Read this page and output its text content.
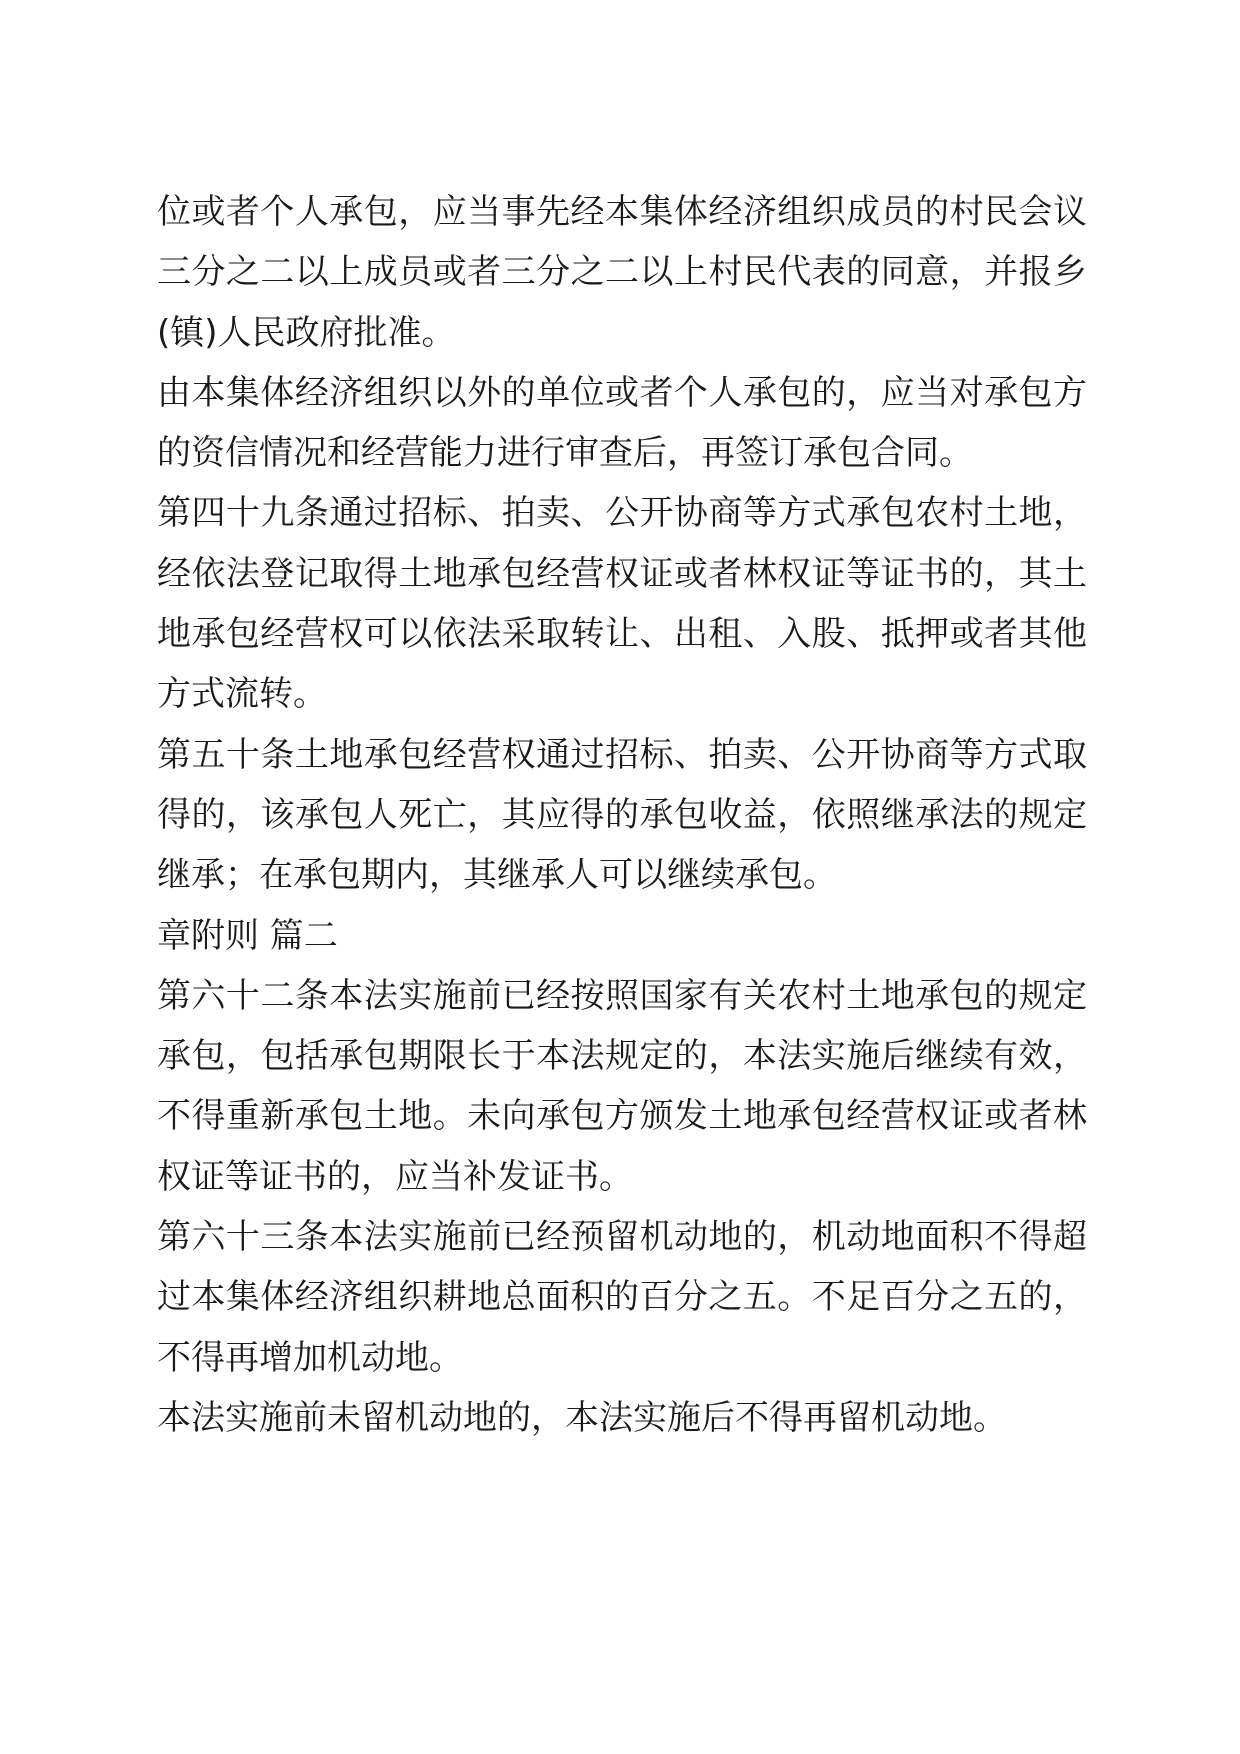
位或者个人承包，应当事先经本集体经济组织成员的村民会议
三分之二以上成员或者三分之二以上村民代表的同意，并报乡
(镇)人民政府批准。
由本集体经济组织以外的单位或者个人承包的，应当对承包方
的资信情况和经营能力进行审查后，再签订承包合同。
第四十九条通过招标、拍卖、公开协商等方式承包农村土地，
经依法登记取得土地承包经营权证或者林权证等证书的，其土
地承包经营权可以依法采取转让、出租、入股、抵押或者其他
方式流转。
第五十条土地承包经营权通过招标、拍卖、公开协商等方式取
得的，该承包人死亡，其应得的承包收益，依照继承法的规定
继承；在承包期内，其继承人可以继续承包。
章附则 篇二
第六十二条本法实施前已经按照国家有关农村土地承包的规定
承包，包括承包期限长于本法规定的，本法实施后继续有效，
不得重新承包土地。未向承包方颁发土地承包经营权证或者林
权证等证书的，应当补发证书。
第六十三条本法实施前已经预留机动地的，机动地面积不得超
过本集体经济组织耕地总面积的百分之五。不足百分之五的，
不得再增加机动地。
本法实施前未留机动地的，本法实施后不得再留机动地。
